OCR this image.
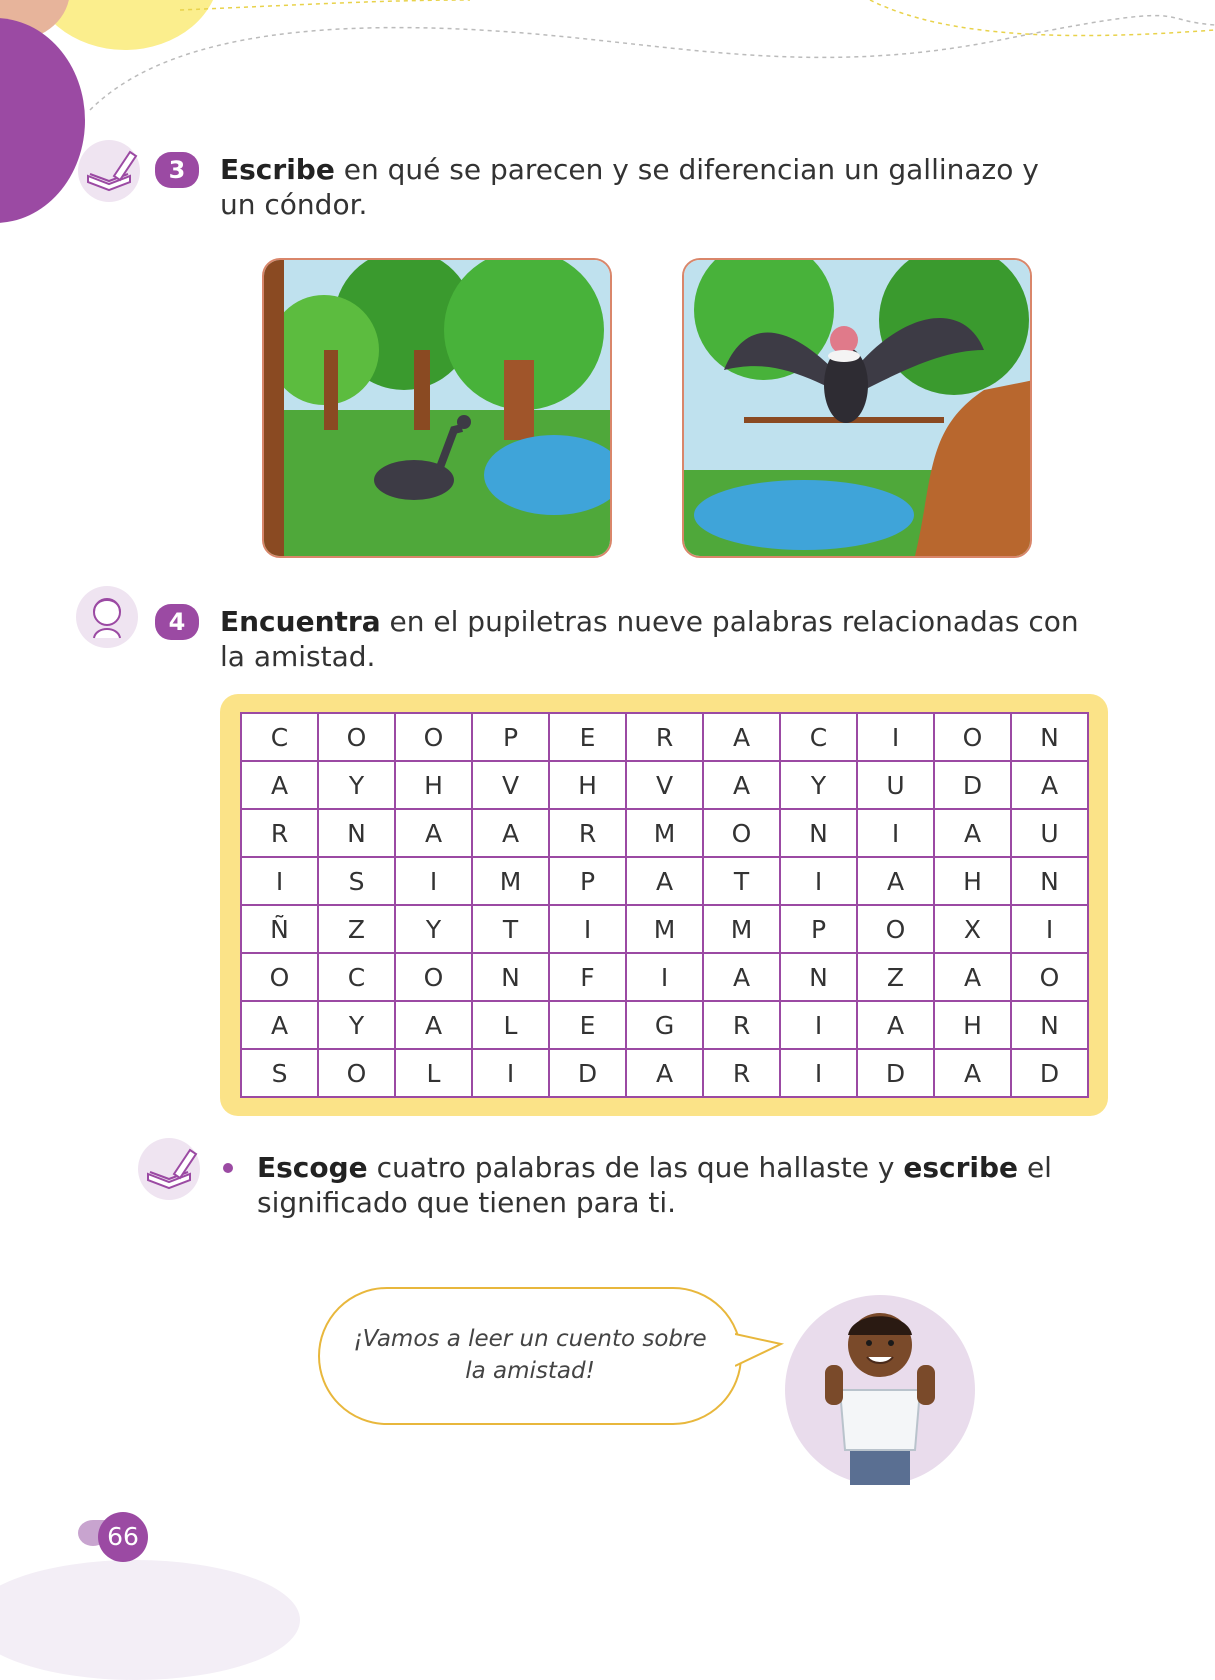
3	Escribe en qué se parecen y se diferencian un gallinazo y un cóndor.

4	Encuentra en el pupiletras nueve palabras relacionadas con la amistad.

C	O	O	P	E	R	A	C	I	O	N
A	Y	H	V	H	V	A	Y	U	D	A
R	N	A	A	R	M	O	N	I	A	U
I	S	I	M	P	A	T	I	A	H	N
Ñ	Z	Y	T	I	M	M	P	O	X	I
O	C	O	N	F	I	A	N	Z	A	O
A	Y	A	L	E	G	R	I	A	H	N
S	O	L	I	D	A	R	I	D	A	D

Escoge cuatro palabras de las que hallaste y escribe el significado que tienen para ti.

¡Vamos a leer un cuento sobre la amistad!

66
